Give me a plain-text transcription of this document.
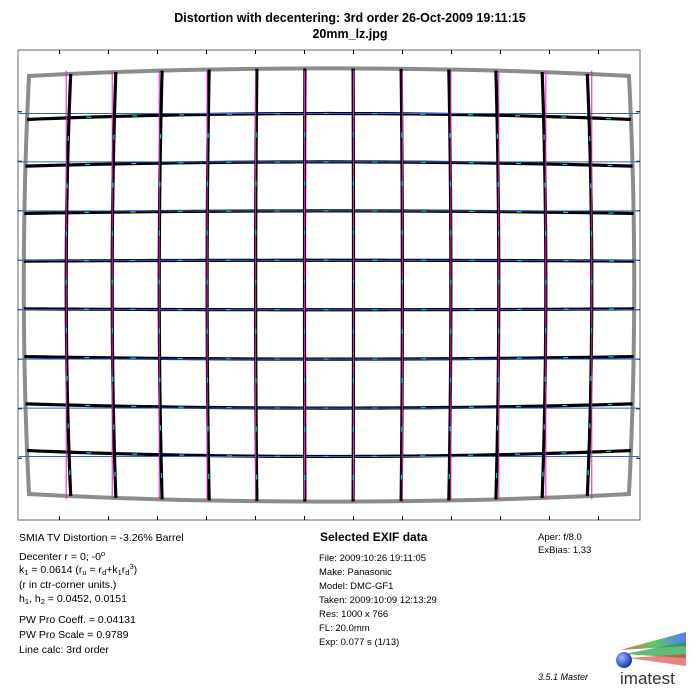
Distortion with decentering: 3rd order 26-Oct-2009 19:11:15
20mm_lz.jpg
SMIA TV Distortion = -3.26% Barrel
Decenter r = 0; -0$^o$
$k_1 = 0.0614$ $(r_u = r_d+k_1r_d^3)$
(r in ctr-corner units.)
$h_1$, $h_2 = 0.0452$, 0.0151
PW Pro Coeff. = 0.04131
PW Pro Scale = 0.9789
Line calc: 3rd order
Selected EXIF data
File: 2009:10:26 19:11:05
Make: Panasonic
Model: DMC-GF1
Taken: 2009:10:09 12:13:29
Res: 1000 x 766
FL: 20.0mm
Exp: 0.077 s (1/13)
Aper: f/8.0
ExBias: 1.33
3.5.1 Master imatest
